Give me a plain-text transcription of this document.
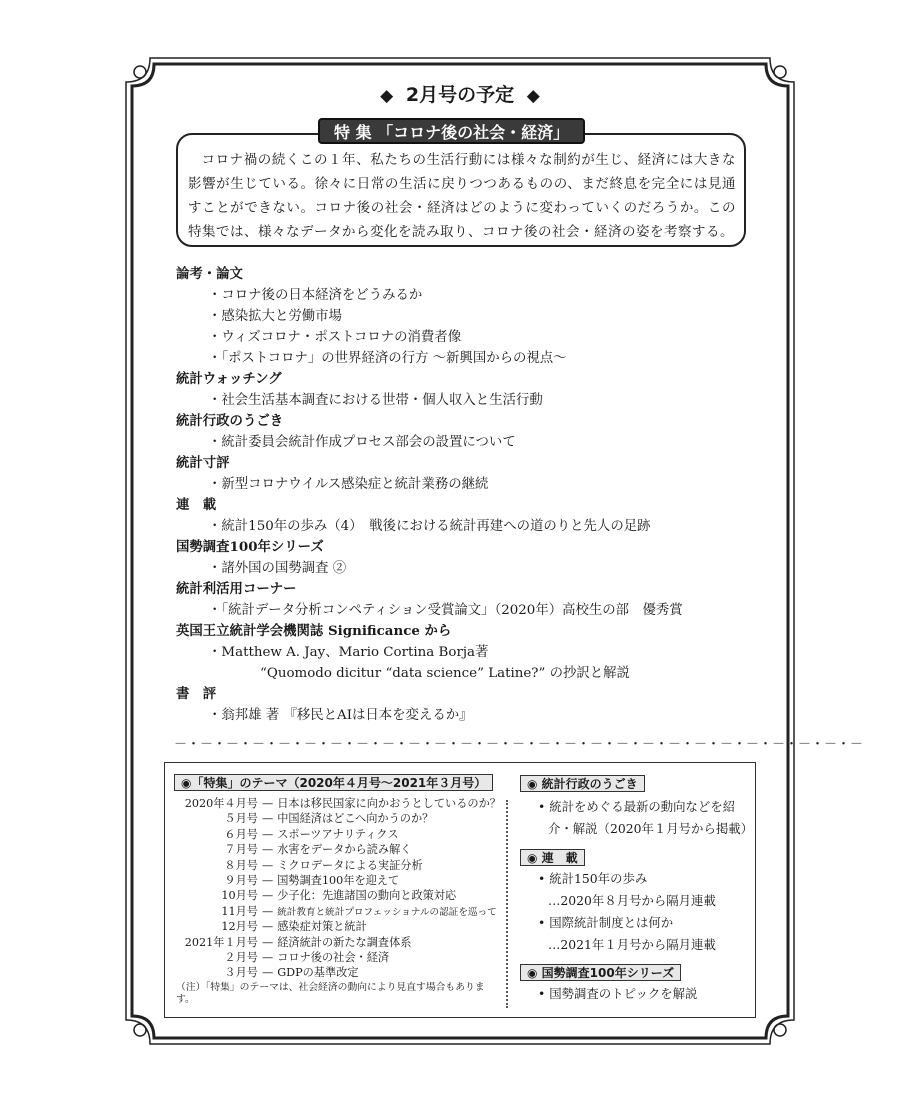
◆ 2月号の予定 ◆
特 集 「コロナ後の社会・経済」

コロナ禍の続くこの１年、私たちの生活行動には様々な制約が生じ、経済には大きな影響が生じている。徐々に日常の生活に戻りつつあるものの、まだ終息を完全には見通すことができない。コロナ後の社会・経済はどのように変わっていくのだろうか。この特集では、様々なデータから変化を読み取り、コロナ後の社会・経済の姿を考察する。

論考・論文
・コロナ後の日本経済をどうみるか
・感染拡大と労働市場
・ウィズコロナ・ポストコロナの消費者像
・「ポストコロナ」の世界経済の行方 ～新興国からの視点～
統計ウォッチング
・社会生活基本調査における世帯・個人収入と生活行動
統計行政のうごき
・統計委員会統計作成プロセス部会の設置について
統計寸評
・新型コロナウイルス感染症と統計業務の継続
連　載
・統計150年の歩み（4）　戦後における統計再建への道のりと先人の足跡
国勢調査100年シリーズ
・諸外国の国勢調査 ②
統計利活用コーナー
・「統計データ分析コンペティション受賞論文」（2020年）高校生の部　優秀賞
英国王立統計学会機関誌 Significance から
・Matthew A. Jay、Mario Cortina Borja著
“Quomodo dicitur “data science” Latine?” の抄訳と解説
書　評
・翁邦雄 著 『移民とAIは日本を変えるか』
－・－・－・－・－・－・－・－・－・－・－・－・－・－・－・－・－・－・－・－・－・－・－・－・－・－・－
◉「特集」のテーマ（2020年４月号～2021年３月号）
2020年４月号 — 日本は移民国家に向かおうとしているのか？
５月号 — 中国経済はどこへ向かうのか？
６月号 — スポーツアナリティクス
７月号 — 水害をデータから読み解く
８月号 — ミクロデータによる実証分析
９月号 — 国勢調査100年を迎えて
10月号 — 少子化：先進諸国の動向と政策対応
11月号 — 統計教育と統計プロフェッショナルの認証を巡って
12月号 — 感染症対策と統計
2021年１月号 — 経済統計の新たな調査体系
２月号 — コロナ後の社会・経済
３月号 — GDPの基準改定
（注）「特集」のテーマは、社会経済の動向により見直す場合もあります。
◉ 統計行政のうごき
• 統計をめぐる最新の動向などを紹
介・解説（2020年１月号から掲載）
◉ 連　載
• 統計150年の歩み
…2020年８月号から隔月連載
• 国際統計制度とは何か
…2021年１月号から隔月連載
◉ 国勢調査100年シリーズ
• 国勢調査のトピックを解説
